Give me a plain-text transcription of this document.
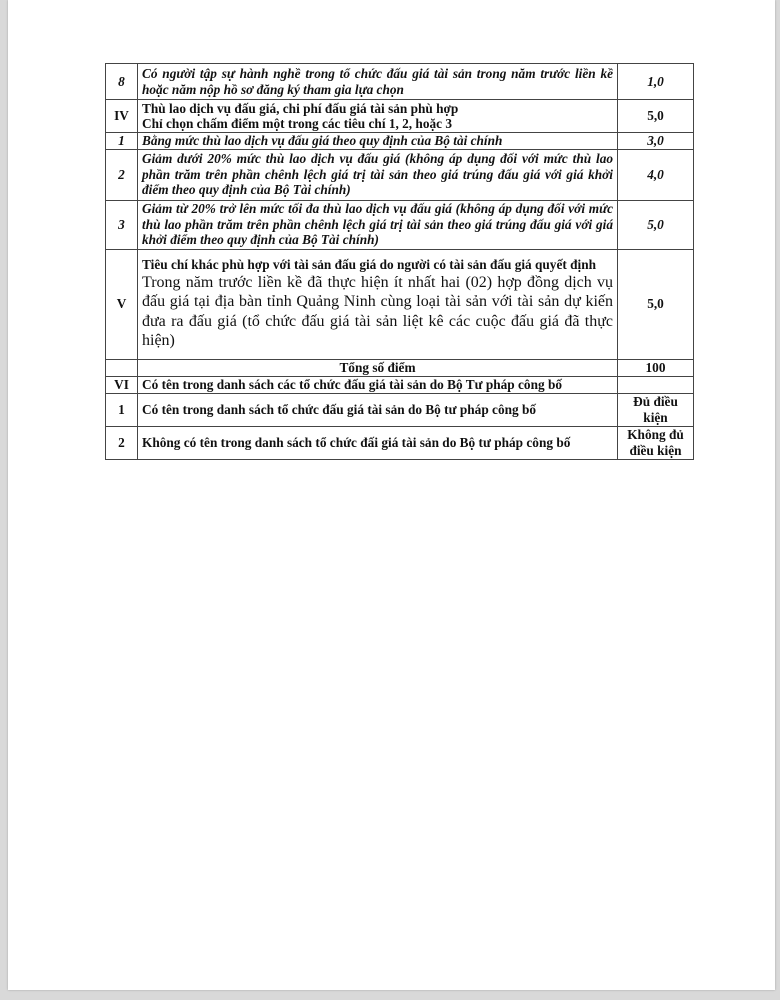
8	Có người tập sự hành nghề trong tổ chức đấu giá tài sản trong năm trước liền kề hoặc năm nộp hồ sơ đăng ký tham gia lựa chọn	1,0
IV	Thù lao dịch vụ đấu giá, chi phí đấu giá tài sản phù hợp
Chỉ chọn chấm điểm một trong các tiêu chí 1, 2, hoặc 3	5,0
1	Bằng mức thù lao dịch vụ đấu giá theo quy định của Bộ tài chính	3,0
2	Giảm dưới 20% mức thù lao dịch vụ đấu giá (không áp dụng đối với mức thù lao phần trăm trên phần chênh lệch giá trị tài sản theo giá trúng đấu giá với giá khởi điểm theo quy định của Bộ Tài chính)	4,0
3	Giảm từ 20% trở lên mức tối đa thù lao dịch vụ đấu giá (không áp dụng đối với mức thù lao phần trăm trên phần chênh lệch giá trị tài sản theo giá trúng đấu giá với giá khởi điểm theo quy định của Bộ Tài chính)	5,0
V	Tiêu chí khác phù hợp với tài sản đấu giá do người có tài sản đấu giá quyết định
Trong năm trước liền kề đã thực hiện ít nhất hai (02) hợp đồng dịch vụ đấu giá tại địa bàn tỉnh Quảng Ninh cùng loại tài sản với tài sản dự kiến đưa ra đấu giá (tổ chức đấu giá tài sản liệt kê các cuộc đấu giá đã thực hiện)	5,0
	Tổng số điểm	100
VI	Có tên trong danh sách các tổ chức đấu giá tài sản do Bộ Tư pháp công bố	
1	Có tên trong danh sách tổ chức đấu giá tài sản do Bộ tư pháp công bố	Đủ điều kiện
2	Không có tên trong danh sách tổ chức đấi giá tài sản do Bộ tư pháp công bố	Không đủ điều kiện
